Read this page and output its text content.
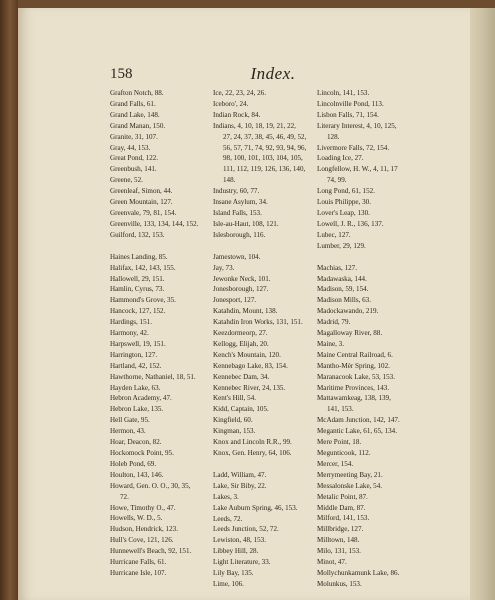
158	Index.
Grafton Notch, 88.
Grand Falls, 61.
Grand Lake, 148.
Grand Manan, 150.
Granite, 31, 107.
Gray, 44, 153.
Great Pond, 122.
Greenbush, 141.
Greene, 52.
Greenleaf, Simon, 44.
Green Mountain, 127.
Greenvale, 79, 81, 154.
Greenville, 133, 134, 144, 152.
Guilford, 132, 153.
Haines Landing, 85.
Halifax, 142, 143, 155.
Hallowell, 29, 151.
Hamlin, Cyrus, 73.
Hammond's Grove, 35.
Hancock, 127, 152.
Hardings, 151.
Harmony, 42.
Harpswell, 19, 151.
Harrington, 127.
Hartland, 42, 152.
Hawthorne, Nathaniel, 18, 51.
Hayden Lake, 63.
Hebron Academy, 47.
Hebron Lake, 135.
Hell Gate, 95.
Hermon, 43.
Hoar, Deacon, 82.
Hockomock Point, 95.
Holeb Pond, 69.
Houlton, 143, 146.
Howard, Gen. O. O., 30, 35,
72.
Howe, Timothy O., 47.
Howells, W. D., 5.
Hudson, Hendrick, 123.
Hull's Cove, 121, 126.
Hunnewell's Beach, 92, 151.
Hurricane Falls, 61.
Hurricane Isle, 107.
Ice, 22, 23, 24, 26.
Iceboro', 24.
Indian Rock, 84.
Indians, 4, 10, 18, 19, 21, 22,
27, 24, 37, 38, 45, 46, 49, 52,
56, 57, 71, 74, 92, 93, 94, 96,
98, 100, 101, 103, 104, 105,
111, 112, 119, 126, 136, 140,
148.
Industry, 60, 77.
Insane Asylum, 34.
Island Falls, 153.
Isle-au-Haut, 108, 121.
Islesborough, 116.
Jamestown, 104.
Jay, 73.
Jewonke Neck, 101.
Jonesborough, 127.
Jonesport, 127.
Katahdin, Mount, 138.
Katahdin Iron Works, 131, 151.
Keezdormeorp, 27.
Kellogg, Elijah, 20.
Kench's Mountain, 120.
Kennebago Lake, 83, 154.
Kennebec Dam, 34.
Kennebec River, 24, 135.
Kent's Hill, 54.
Kidd, Captain, 105.
Kingfield, 60.
Kingman, 153.
Knox and Lincoln R.R., 99.
Knox, Gen. Henry, 64, 106.
Ladd, William, 47.
Lake, Sir Biby, 22.
Lakes, 3.
Lake Auburn Spring, 46, 153.
Leeds, 72.
Leeds Junction, 52, 72.
Lewiston, 48, 153.
Libbey Hill, 28.
Light Literature, 33.
Lily Bay, 135.
Lime, 106.
Lincoln, 141, 153.
Lincolnville Pond, 113.
Lisbon Falls, 71, 154.
Literary Interest, 4, 10, 125,
128.
Livermore Falls, 72, 154.
Loading Ice, 27.
Longfellow, H. W., 4, 11, 17
74, 99.
Long Pond, 61, 152.
Louis Philippe, 30.
Lover's Leap, 130.
Lowell, J. R., 136, 137.
Lubec, 127.
Lumber, 29, 129.
Machias, 127.
Madawaska, 144.
Madison, 59, 154.
Madison Mills, 63.
Madockawando, 219.
Madrid, 79.
Magalloway River, 88.
Maine, 3.
Maine Central Railroad, 6.
Mantho-Mèr Spring, 102.
Maranacook Lake, 53, 153.
Maritime Provinces, 143.
Mattawamkeag, 138, 139,
141, 153.
McAdam Junction, 142, 147.
Megantic Lake, 61, 65, 134.
Mere Point, 18.
Megunticook, 112.
Mercer, 154.
Merrymeeting Bay, 21.
Messalonske Lake, 54.
Metalic Point, 87.
Middle Dam, 87.
Milford, 141, 153.
Millbridge, 127.
Milltown, 148.
Milo, 131, 153.
Minot, 47.
Mollychunkamunk Lake, 86.
Molunkus, 153.
